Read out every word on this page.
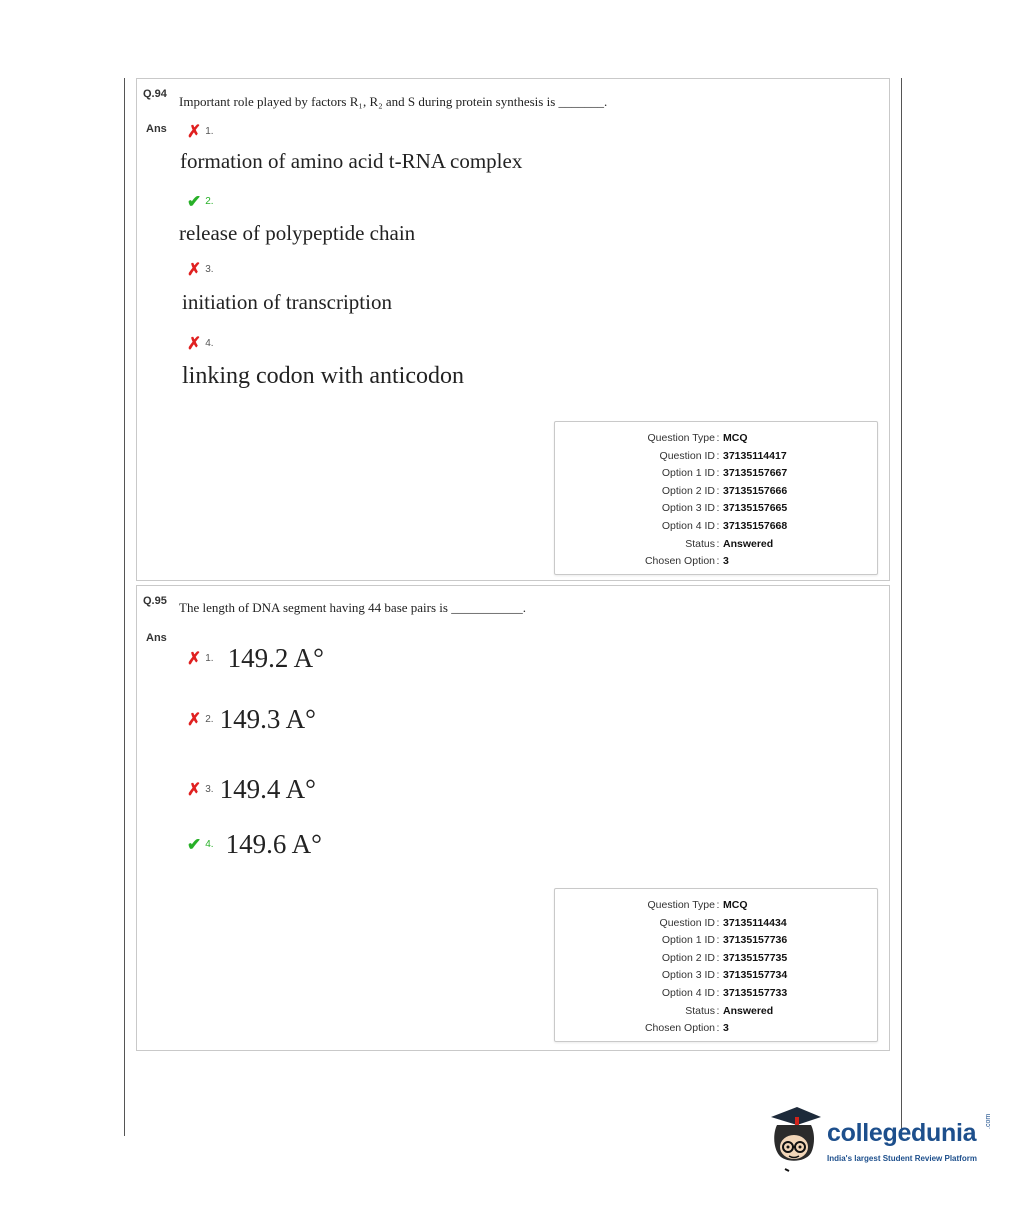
Q.94 Important role played by factors R₁, R₂ and S during protein synthesis is _______.
Ans ✗ 1.
formation of amino acid t-RNA complex
✔ 2.
release of polypeptide chain
✗ 3.
initiation of transcription
✗ 4.
linking codon with anticodon
Question Type	:	MCQ
Question ID	:	37135114417
Option 1 ID	:	37135157667
Option 2 ID	:	37135157666
Option 3 ID	:	37135157665
Option 4 ID	:	37135157668
Status	:	Answered
Chosen Option	:	3
Q.95 The length of DNA segment having 44 base pairs is ___________.
Ans
✗ 1. 149.2 A°
✗ 2. 149.3 A°
✗ 3. 149.4 A°
✔ 4. 149.6 A°
Question Type	:	MCQ
Question ID	:	37135114434
Option 1 ID	:	37135157736
Option 2 ID	:	37135157735
Option 3 ID	:	37135157734
Option 4 ID	:	37135157733
Status	:	Answered
Chosen Option	:	3
collegedunia .com
India's largest Student Review Platform
